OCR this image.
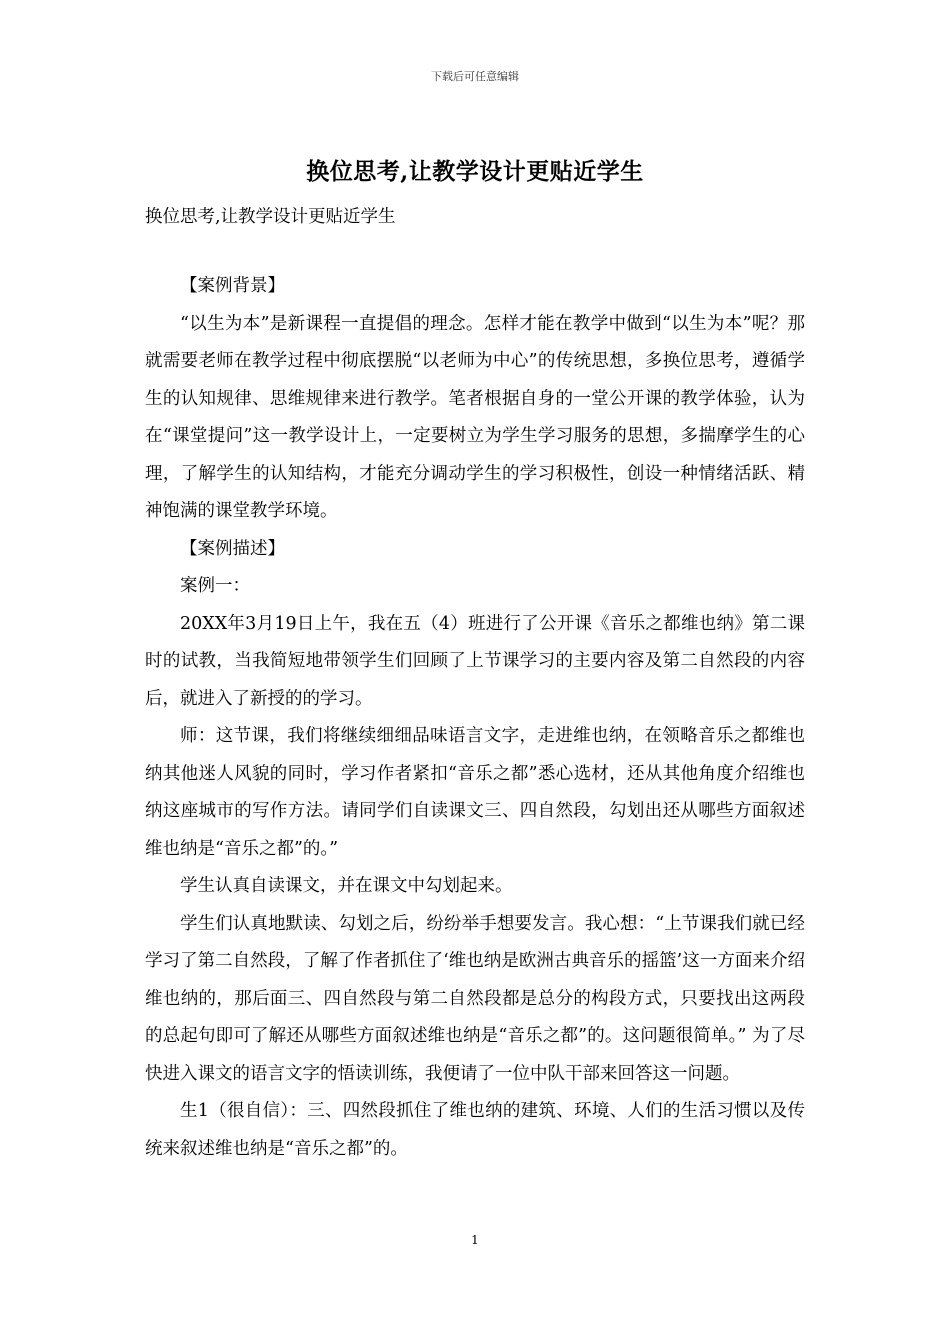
下载后可任意编辑
换位思考,让教学设计更贴近学生
换位思考,让教学设计更贴近学生

【案例背景】

“以生为本”是新课程一直提倡的理念。怎样才能在教学中做到“以生为本”呢？那就需要老师在教学过程中彻底摆脱“以老师为中心”的传统思想，多换位思考，遵循学生的认知规律、思维规律来进行教学。笔者根据自身的一堂公开课的教学体验，认为在“课堂提问”这一教学设计上，一定要树立为学生学习服务的思想，多揣摩学生的心理，了解学生的认知结构，才能充分调动学生的学习积极性，创设一种情绪活跃、精神饱满的课堂教学环境。

【案例描述】

案例一：

20XX年3月19日上午，我在五（4）班进行了公开课《音乐之都维也纳》第二课时的试教，当我简短地带领学生们回顾了上节课学习的主要内容及第二自然段的内容后，就进入了新授的的学习。

师：这节课，我们将继续细细品味语言文字，走进维也纳，在领略音乐之都维也纳其他迷人风貌的同时，学习作者紧扣“音乐之都”悉心选材，还从其他角度介绍维也纳这座城市的写作方法。请同学们自读课文三、四自然段，勾划出还从哪些方面叙述维也纳是“音乐之都”的。”

学生认真自读课文，并在课文中勾划起来。

学生们认真地默读、勾划之后，纷纷举手想要发言。我心想：“上节课我们就已经学习了第二自然段，了解了作者抓住了‘维也纳是欧洲古典音乐的摇篮’这一方面来介绍维也纳的，那后面三、四自然段与第二自然段都是总分的构段方式，只要找出这两段的总起句即可了解还从哪些方面叙述维也纳是“音乐之都”的。这问题很简单。” 为了尽快进入课文的语言文字的悟读训练，我便请了一位中队干部来回答这一问题。

生1（很自信）：三、四然段抓住了维也纳的建筑、环境、人们的生活习惯以及传统来叙述维也纳是“音乐之都”的。

1
